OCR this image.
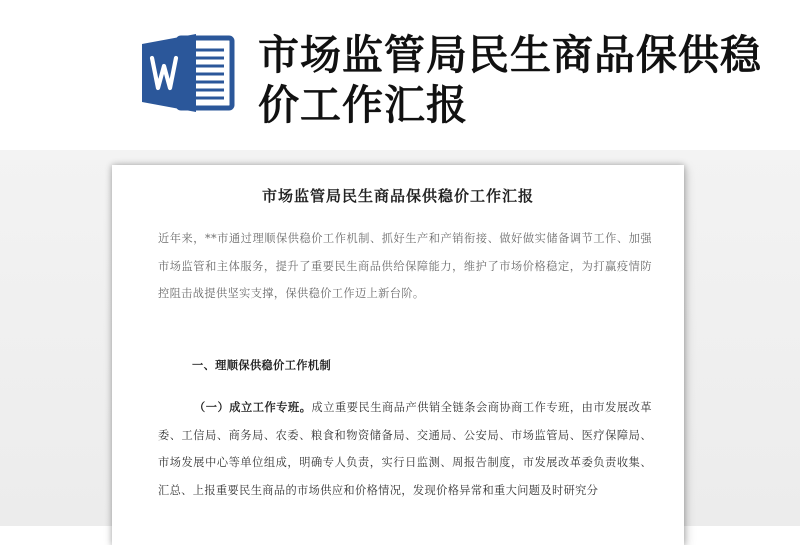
市场监管局民生商品保供稳价工作汇报
市场监管局民生商品保供稳价工作汇报
近年来，**市通过理顺保供稳价工作机制、抓好生产和产销衔接、做好做实储备调节工作、加强市场监管和主体服务，提升了重要民生商品供给保障能力，维护了市场价格稳定，为打赢疫情防控阻击战提供坚实支撑，保供稳价工作迈上新台阶。
一、理顺保供稳价工作机制
（一）成立工作专班。成立重要民生商品产供销全链条会商协商工作专班，由市发展改革委、工信局、商务局、农委、粮食和物资储备局、交通局、公安局、市场监管局、医疗保障局、市场发展中心等单位组成，明确专人负责，实行日监测、周报告制度，市发展改革委负责收集、汇总、上报重要民生商品的市场供应和价格情况，发现价格异常和重大问题及时研究分
